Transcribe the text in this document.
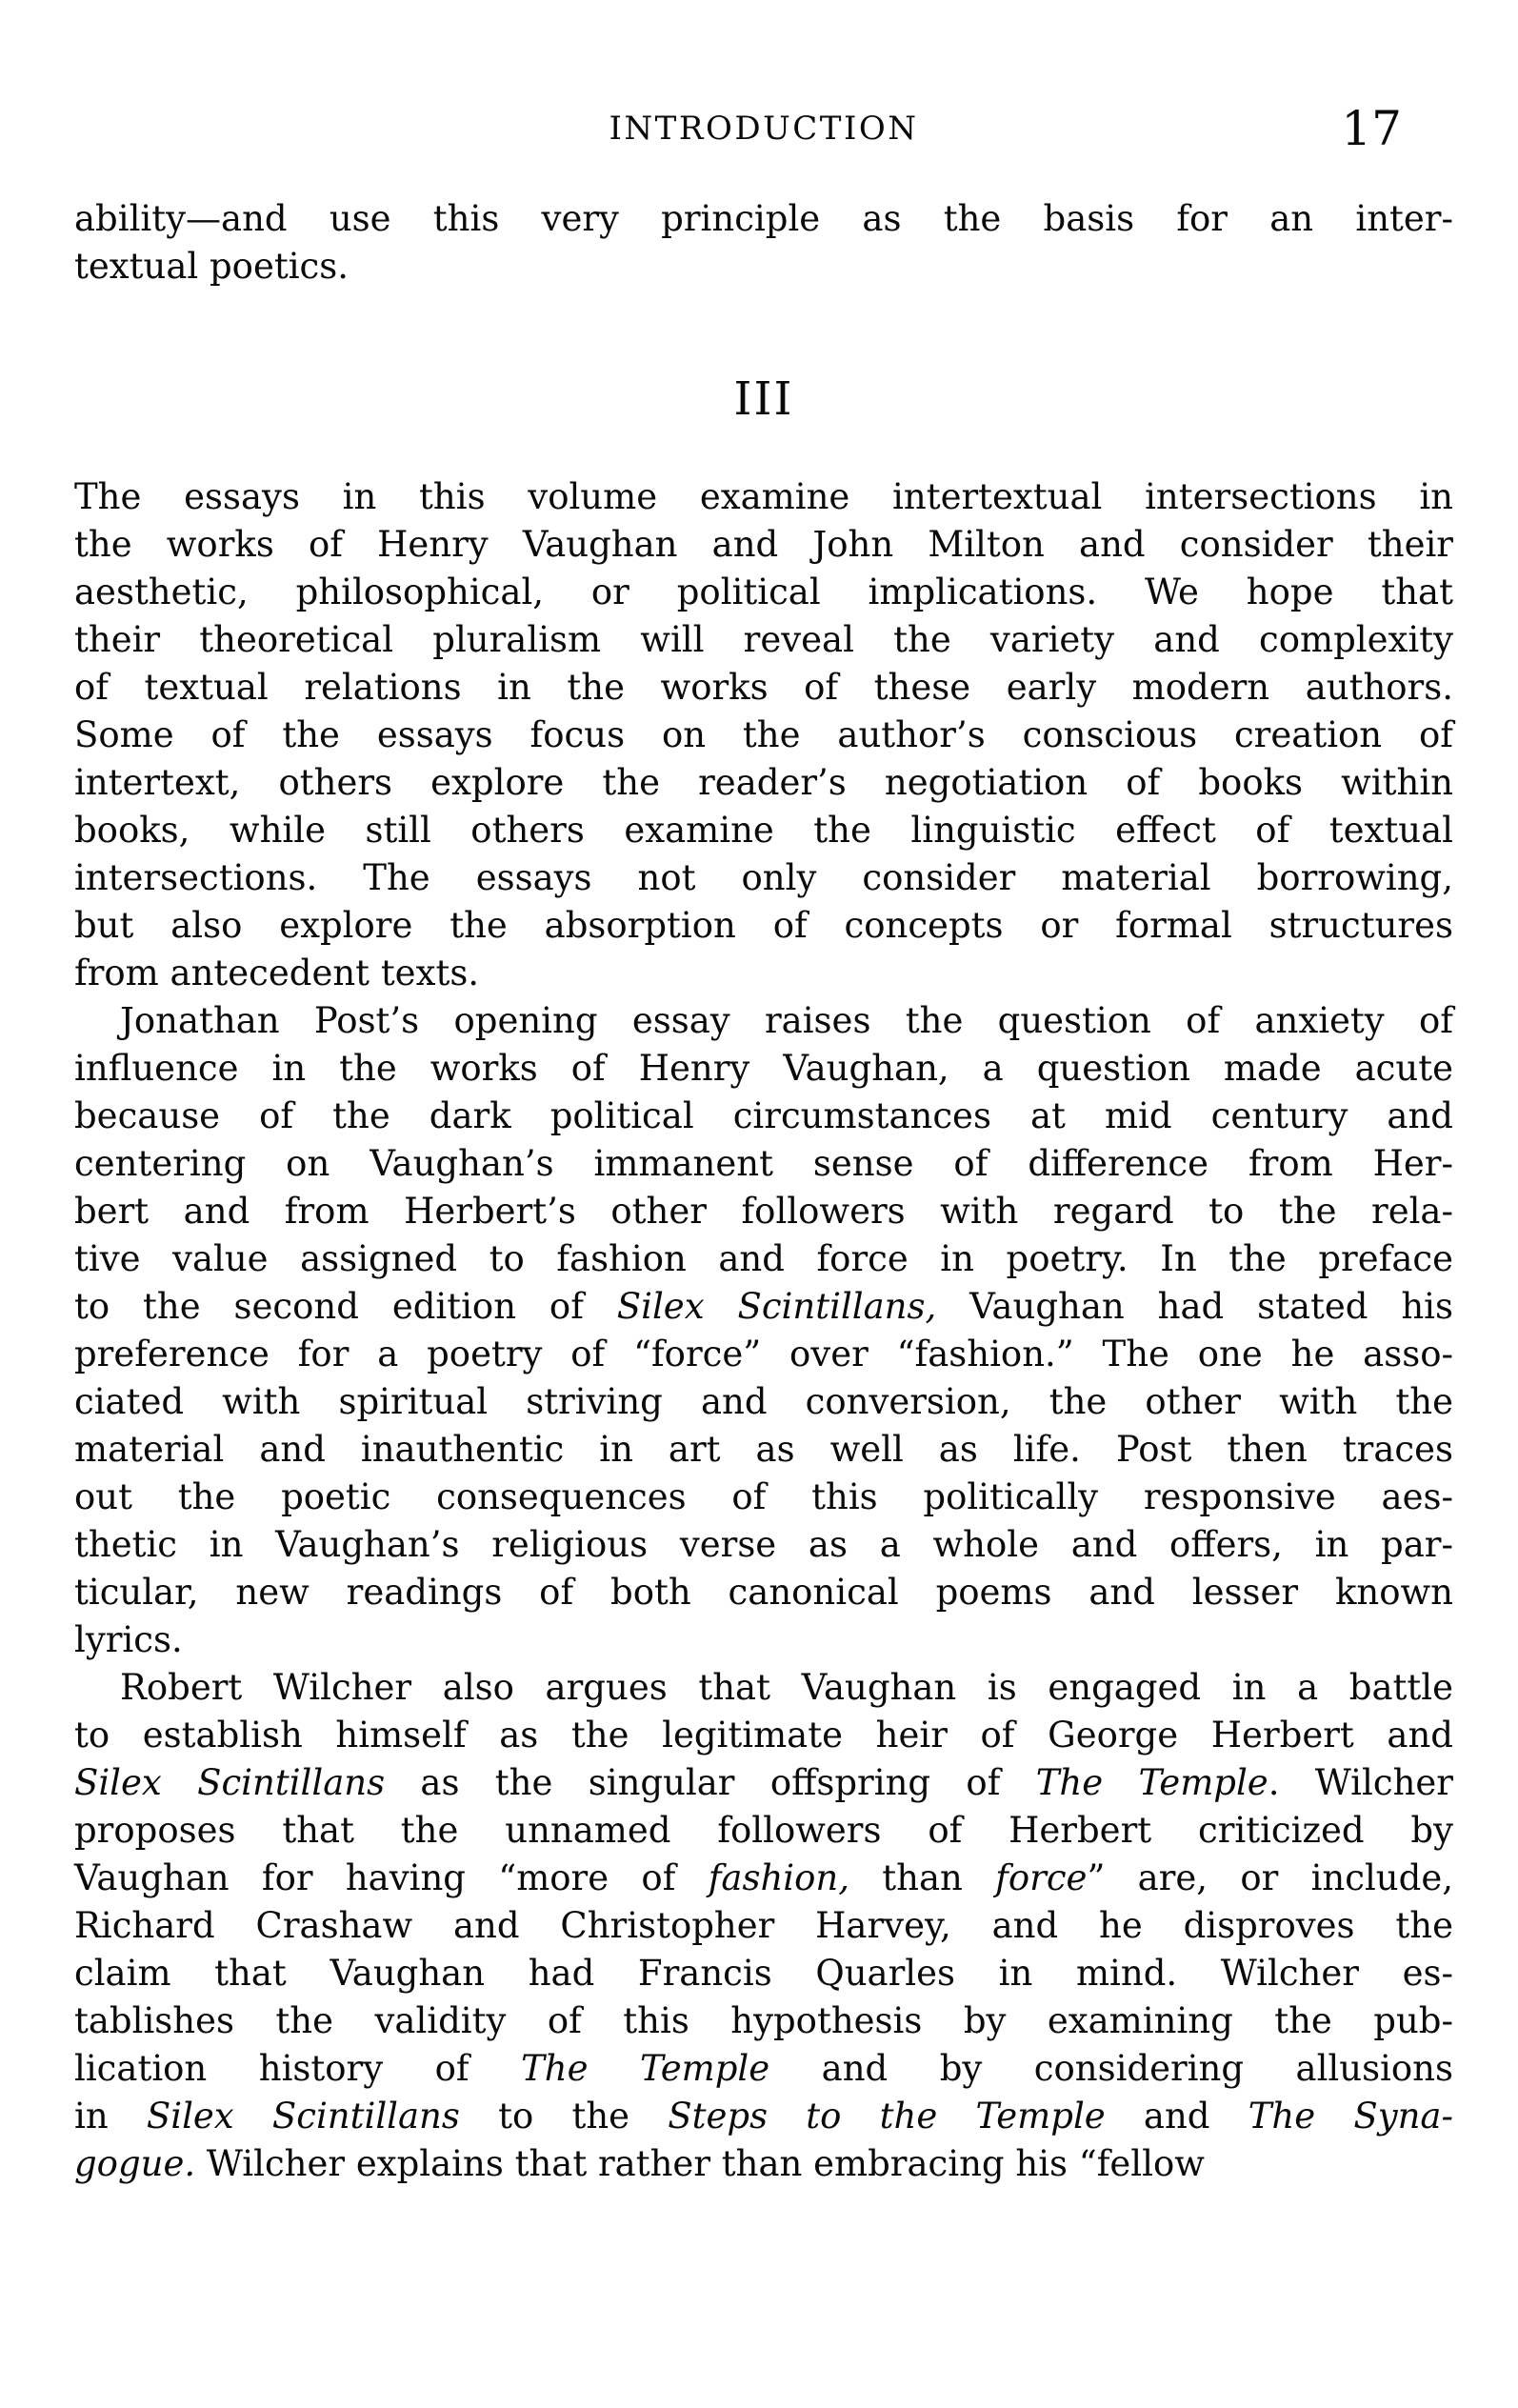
INTRODUCTION	17
ability—and use this very principle as the basis for an inter-
textual poetics.
III
The essays in this volume examine intertextual intersections in
the works of Henry Vaughan and John Milton and consider their
aesthetic, philosophical, or political implications. We hope that
their theoretical pluralism will reveal the variety and complexity
of textual relations in the works of these early modern authors.
Some of the essays focus on the author’s conscious creation of
intertext, others explore the reader’s negotiation of books within
books, while still others examine the linguistic effect of textual
intersections. The essays not only consider material borrowing,
but also explore the absorption of concepts or formal structures
from antecedent texts.
Jonathan Post’s opening essay raises the question of anxiety of
influence in the works of Henry Vaughan, a question made acute
because of the dark political circumstances at mid century and
centering on Vaughan’s immanent sense of difference from Her-
bert and from Herbert’s other followers with regard to the rela-
tive value assigned to fashion and force in poetry. In the preface
to the second edition of Silex Scintillans, Vaughan had stated his
preference for a poetry of “force” over “fashion.” The one he asso-
ciated with spiritual striving and conversion, the other with the
material and inauthentic in art as well as life. Post then traces
out the poetic consequences of this politically responsive aes-
thetic in Vaughan’s religious verse as a whole and offers, in par-
ticular, new readings of both canonical poems and lesser known
lyrics.
Robert Wilcher also argues that Vaughan is engaged in a battle
to establish himself as the legitimate heir of George Herbert and
Silex Scintillans as the singular offspring of The Temple. Wilcher
proposes that the unnamed followers of Herbert criticized by
Vaughan for having “more of fashion, than force” are, or include,
Richard Crashaw and Christopher Harvey, and he disproves the
claim that Vaughan had Francis Quarles in mind. Wilcher es-
tablishes the validity of this hypothesis by examining the pub-
lication history of The Temple and by considering allusions
in Silex Scintillans to the Steps to the Temple and The Syna-
gogue. Wilcher explains that rather than embracing his “fellow
